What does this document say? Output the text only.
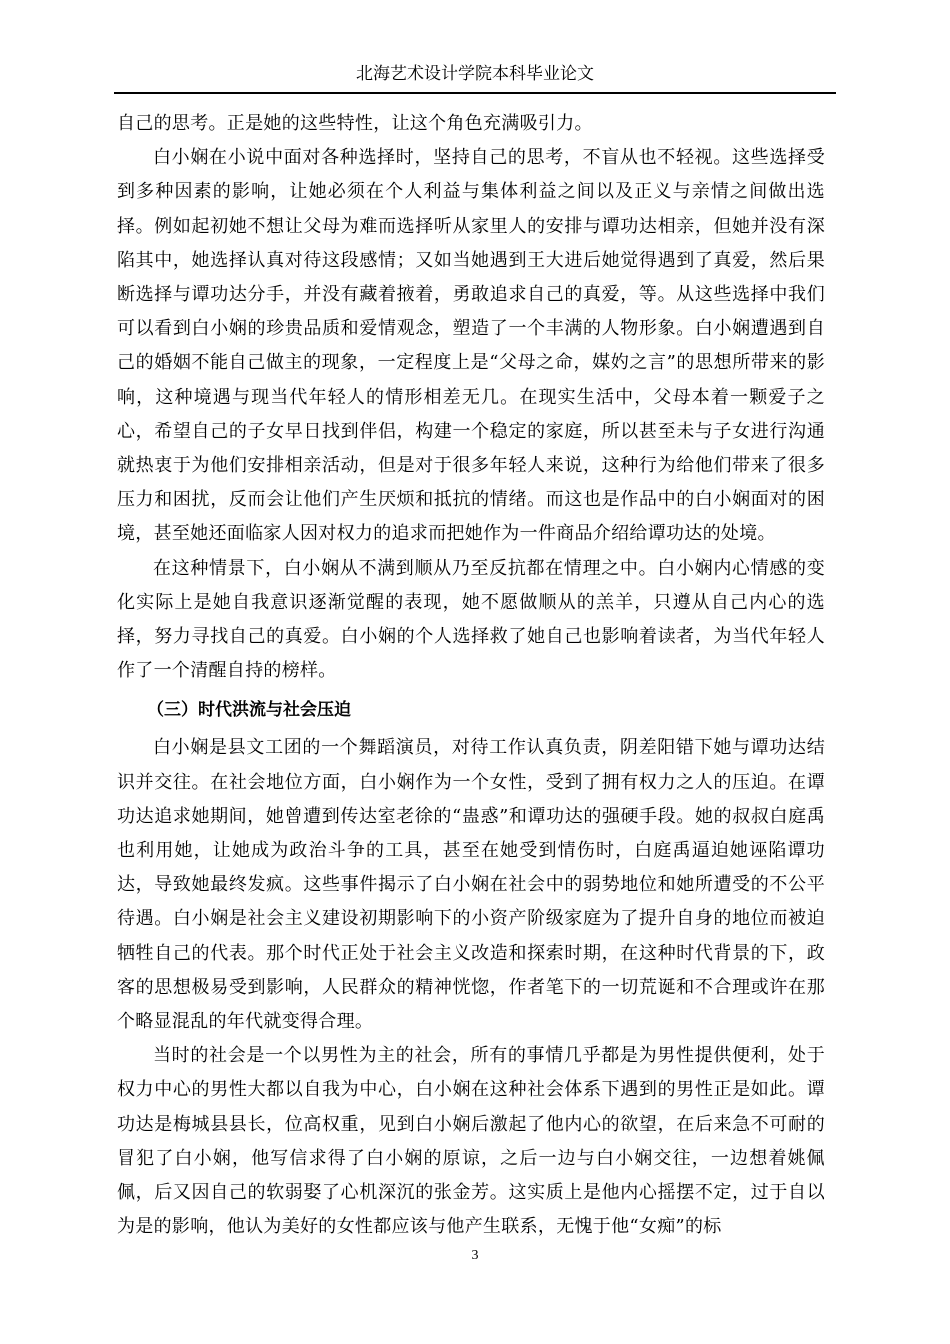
北海艺术设计学院本科毕业论文

自己的思考。正是她的这些特性，让这个角色充满吸引力。

白小娴在小说中面对各种选择时，坚持自己的思考，不盲从也不轻视。这些选择受到多种因素的影响，让她必须在个人利益与集体利益之间以及正义与亲情之间做出选择。例如起初她不想让父母为难而选择听从家里人的安排与谭功达相亲，但她并没有深陷其中，她选择认真对待这段感情；又如当她遇到王大进后她觉得遇到了真爱，然后果断选择与谭功达分手，并没有藏着掖着，勇敢追求自己的真爱，等。从这些选择中我们可以看到白小娴的珍贵品质和爱情观念，塑造了一个丰满的人物形象。白小娴遭遇到自己的婚姻不能自己做主的现象，一定程度上是“父母之命，媒妁之言”的思想所带来的影响，这种境遇与现当代年轻人的情形相差无几。在现实生活中，父母本着一颗爱子之心，希望自己的子女早日找到伴侣，构建一个稳定的家庭，所以甚至未与子女进行沟通就热衷于为他们安排相亲活动，但是对于很多年轻人来说，这种行为给他们带来了很多压力和困扰，反而会让他们产生厌烦和抵抗的情绪。而这也是作品中的白小娴面对的困境，甚至她还面临家人因对权力的追求而把她作为一件商品介绍给谭功达的处境。

在这种情景下，白小娴从不满到顺从乃至反抗都在情理之中。白小娴内心情感的变化实际上是她自我意识逐渐觉醒的表现，她不愿做顺从的羔羊，只遵从自己内心的选择，努力寻找自己的真爱。白小娴的个人选择救了她自己也影响着读者，为当代年轻人作了一个清醒自持的榜样。

（三）时代洪流与社会压迫

白小娴是县文工团的一个舞蹈演员，对待工作认真负责，阴差阳错下她与谭功达结识并交往。在社会地位方面，白小娴作为一个女性，受到了拥有权力之人的压迫。在谭功达追求她期间，她曾遭到传达室老徐的“蛊惑”和谭功达的强硬手段。她的叔叔白庭禹也利用她，让她成为政治斗争的工具，甚至在她受到情伤时，白庭禹逼迫她诬陷谭功达，导致她最终发疯。这些事件揭示了白小娴在社会中的弱势地位和她所遭受的不公平待遇。白小娴是社会主义建设初期影响下的小资产阶级家庭为了提升自身的地位而被迫牺牲自己的代表。那个时代正处于社会主义改造和探索时期，在这种时代背景的下，政客的思想极易受到影响，人民群众的精神恍惚，作者笔下的一切荒诞和不合理或许在那个略显混乱的年代就变得合理。

当时的社会是一个以男性为主的社会，所有的事情几乎都是为男性提供便利，处于权力中心的男性大都以自我为中心，白小娴在这种社会体系下遇到的男性正是如此。谭功达是梅城县县长，位高权重，见到白小娴后激起了他内心的欲望，在后来急不可耐的冒犯了白小娴，他写信求得了白小娴的原谅，之后一边与白小娴交往，一边想着姚佩佩，后又因自己的软弱娶了心机深沉的张金芳。这实质上是他内心摇摆不定，过于自以为是的影响，他认为美好的女性都应该与他产生联系，无愧于他“女痴”的标

3
